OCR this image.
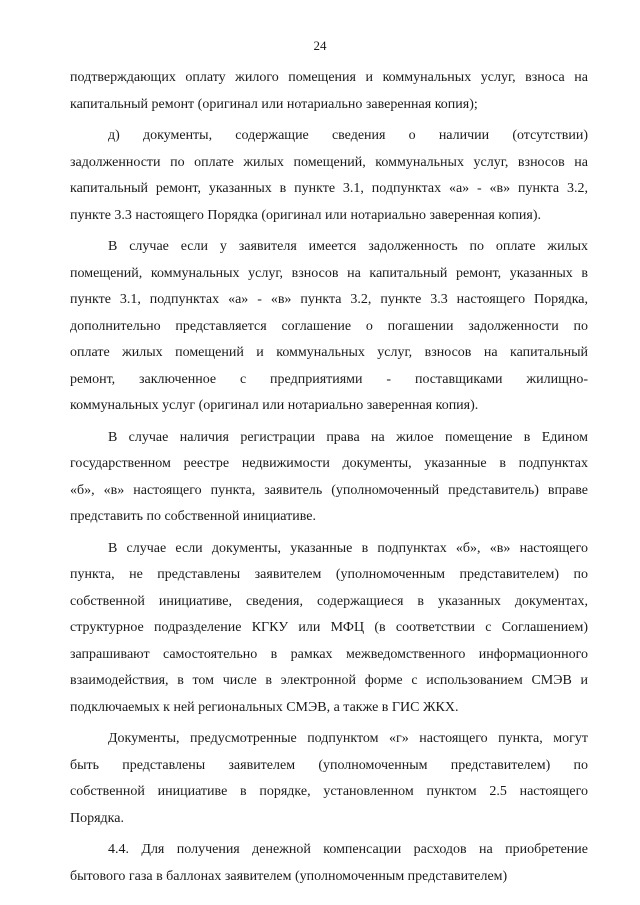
24
подтверждающих оплату жилого помещения и коммунальных услуг, взноса на
капитальный ремонт (оригинал или нотариально заверенная копия);
д) документы, содержащие сведения о наличии (отсутствии)
задолженности по оплате жилых помещений, коммунальных услуг, взносов на
капитальный ремонт, указанных в пункте 3.1, подпунктах «а» - «в» пункта 3.2,
пункте 3.3 настоящего Порядка (оригинал или нотариально заверенная копия).
В случае если у заявителя имеется задолженность по оплате жилых
помещений, коммунальных услуг, взносов на капитальный ремонт, указанных в
пункте 3.1, подпунктах «а» - «в» пункта 3.2, пункте 3.3 настоящего Порядка,
дополнительно представляется соглашение о погашении задолженности по
оплате жилых помещений и коммунальных услуг, взносов на капитальный
ремонт, заключенное с предприятиями - поставщиками жилищно-
коммунальных услуг (оригинал или нотариально заверенная копия).
В случае наличия регистрации права на жилое помещение в Едином
государственном реестре недвижимости документы, указанные в подпунктах
«б», «в» настоящего пункта, заявитель (уполномоченный представитель) вправе
представить по собственной инициативе.
В случае если документы, указанные в подпунктах «б», «в» настоящего
пункта, не представлены заявителем (уполномоченным представителем) по
собственной инициативе, сведения, содержащиеся в указанных документах,
структурное подразделение КГКУ или МФЦ (в соответствии с Соглашением)
запрашивают самостоятельно в рамках межведомственного информационного
взаимодействия, в том числе в электронной форме с использованием СМЭВ и
подключаемых к ней региональных СМЭВ, а также в ГИС ЖКХ.
Документы, предусмотренные подпунктом «г» настоящего пункта, могут
быть представлены заявителем (уполномоченным представителем) по
собственной инициативе в порядке, установленном пунктом 2.5 настоящего
Порядка.
4.4. Для получения денежной компенсации расходов на приобретение
бытового газа в баллонах заявителем (уполномоченным представителем)
